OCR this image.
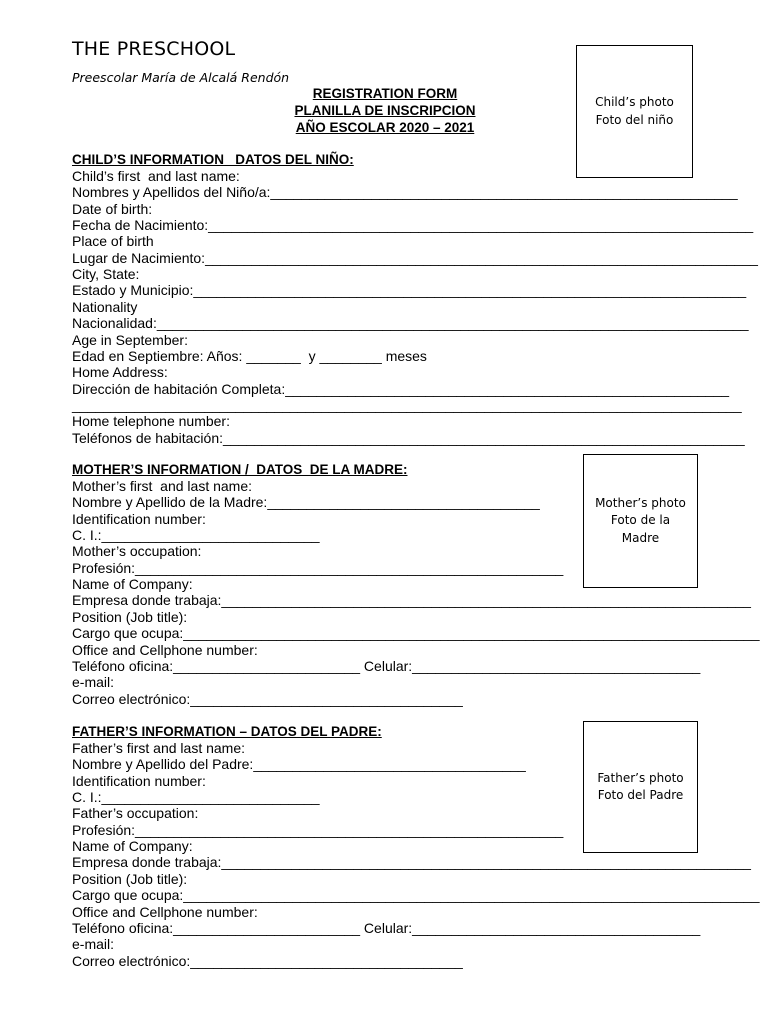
THE PRESCHOOL
Preescolar María de Alcalá Rendón
REGISTRATION FORM
PLANILLA DE INSCRIPCION
AÑO ESCOLAR 2020 – 2021
Child’s photo
Foto del niño
Mother’s photo
Foto de la
Madre
Father’s photo
Foto del Padre
CHILD’S INFORMATION   DATOS DEL NIÑO:
Child’s first  and last name:
Nombres y Apellidos del Niño/a:____________________________________________________________
Date of birth:
Fecha de Nacimiento:______________________________________________________________________
Place of birth
Lugar de Nacimiento:_______________________________________________________________________
City, State:
Estado y Municipio:_______________________________________________________________________
Nationality
Nacionalidad:____________________________________________________________________________
Age in September:
Edad en Septiembre: Años: _______  y ________ meses
Home Address:
Dirección de habitación Completa:_________________________________________________________
______________________________________________________________________________________
Home telephone number:
Teléfonos de habitación:___________________________________________________________________
MOTHER’S INFORMATION /  DATOS  DE LA MADRE:
Mother’s first  and last name:
Nombre y Apellido de la Madre:___________________________________
Identification number:
C. I.:____________________________
Mother’s occupation:
Profesión:_______________________________________________________
Name of Company:
Empresa donde trabaja:____________________________________________________________________
Position (Job title):
Cargo que ocupa:__________________________________________________________________________
Office and Cellphone number:
Teléfono oficina:________________________ Celular:_____________________________________
e-mail:
Correo electrónico:___________________________________
FATHER’S INFORMATION – DATOS DEL PADRE:
Father’s first and last name:
Nombre y Apellido del Padre:___________________________________
Identification number:
C. I.:____________________________
Father’s occupation:
Profesión:_______________________________________________________
Name of Company:
Empresa donde trabaja:____________________________________________________________________
Position (Job title):
Cargo que ocupa:__________________________________________________________________________
Office and Cellphone number:
Teléfono oficina:________________________ Celular:_____________________________________
e-mail:
Correo electrónico:___________________________________
